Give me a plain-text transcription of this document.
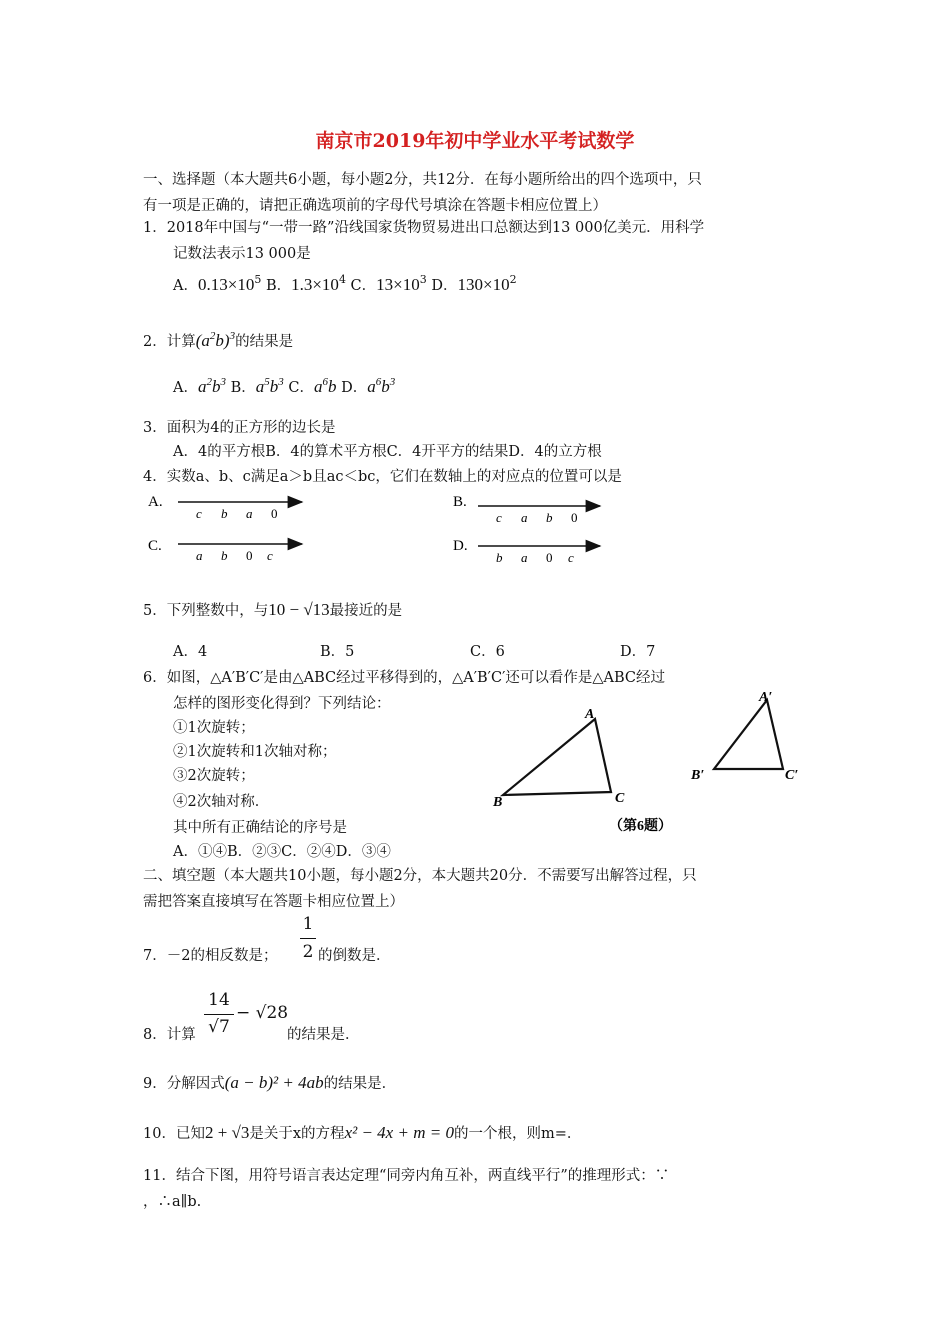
南京市2019年初中学业水平考试数学
一、选择题（本大题共6小题，每小题2分，共12分．在每小题所给出的四个选项中，只
有一项是正确的，请把正确选项前的字母代号填涂在答题卡相应位置上）
1．2018年中国与“一带一路”沿线国家货物贸易进出口总额达到13 000亿美元．用科学
记数法表示13 000是
A．$0.13\times 10^5$ B．$1.3\times 10^4$ C．$13\times 10^3$ D．$130\times 10^2$
2．计算$(a^2b)^3$的结果是
A．$a^2b^3$ B．$a^5b^3$ C．$a^6b$ D．$a^6b^3$
3．面积为4的正方形的边长是
A．4的平方根B．4的算术平方根C．4开平方的结果D．4的立方根
4．实数a、b、c满足a＞b且ac＜bc，它们在数轴上的对应点的位置可以是
A.
c b a 0
B.
c a b 0
C.
a b 0 c
D.
b a 0 c
5．下列整数中，与10 − √13最接近的是
A．4	B．5	C．6	D．7
6．如图，△A′B′C′是由△ABC经过平移得到的，△A′B′C′还可以看作是△ABC经过
怎样的图形变化得到？下列结论：
①1次旋转；
②1次旋转和1次轴对称；
③2次旋转；
④2次轴对称．
其中所有正确结论的序号是
A．①④B．②③C．②④D．③④
A
B	C
A′
B′	C′
（第6题）
二、填空题（本大题共10小题，每小题2分，本大题共20分．不需要写出解答过程，只
需把答案直接填写在答题卡相应位置上）
7．－2的相反数是；
1
2 的倒数是．
8．计算
14
√7
− √28
的结果是．
9．分解因式(a − b)² + 4ab的结果是．
10．已知2 + √3是关于x的方程x² − 4x + m = 0的一个根，则m=．
11．结合下图，用符号语言表达定理“同旁内角互补，两直线平行”的推理形式：∵
，∴a∥b.
